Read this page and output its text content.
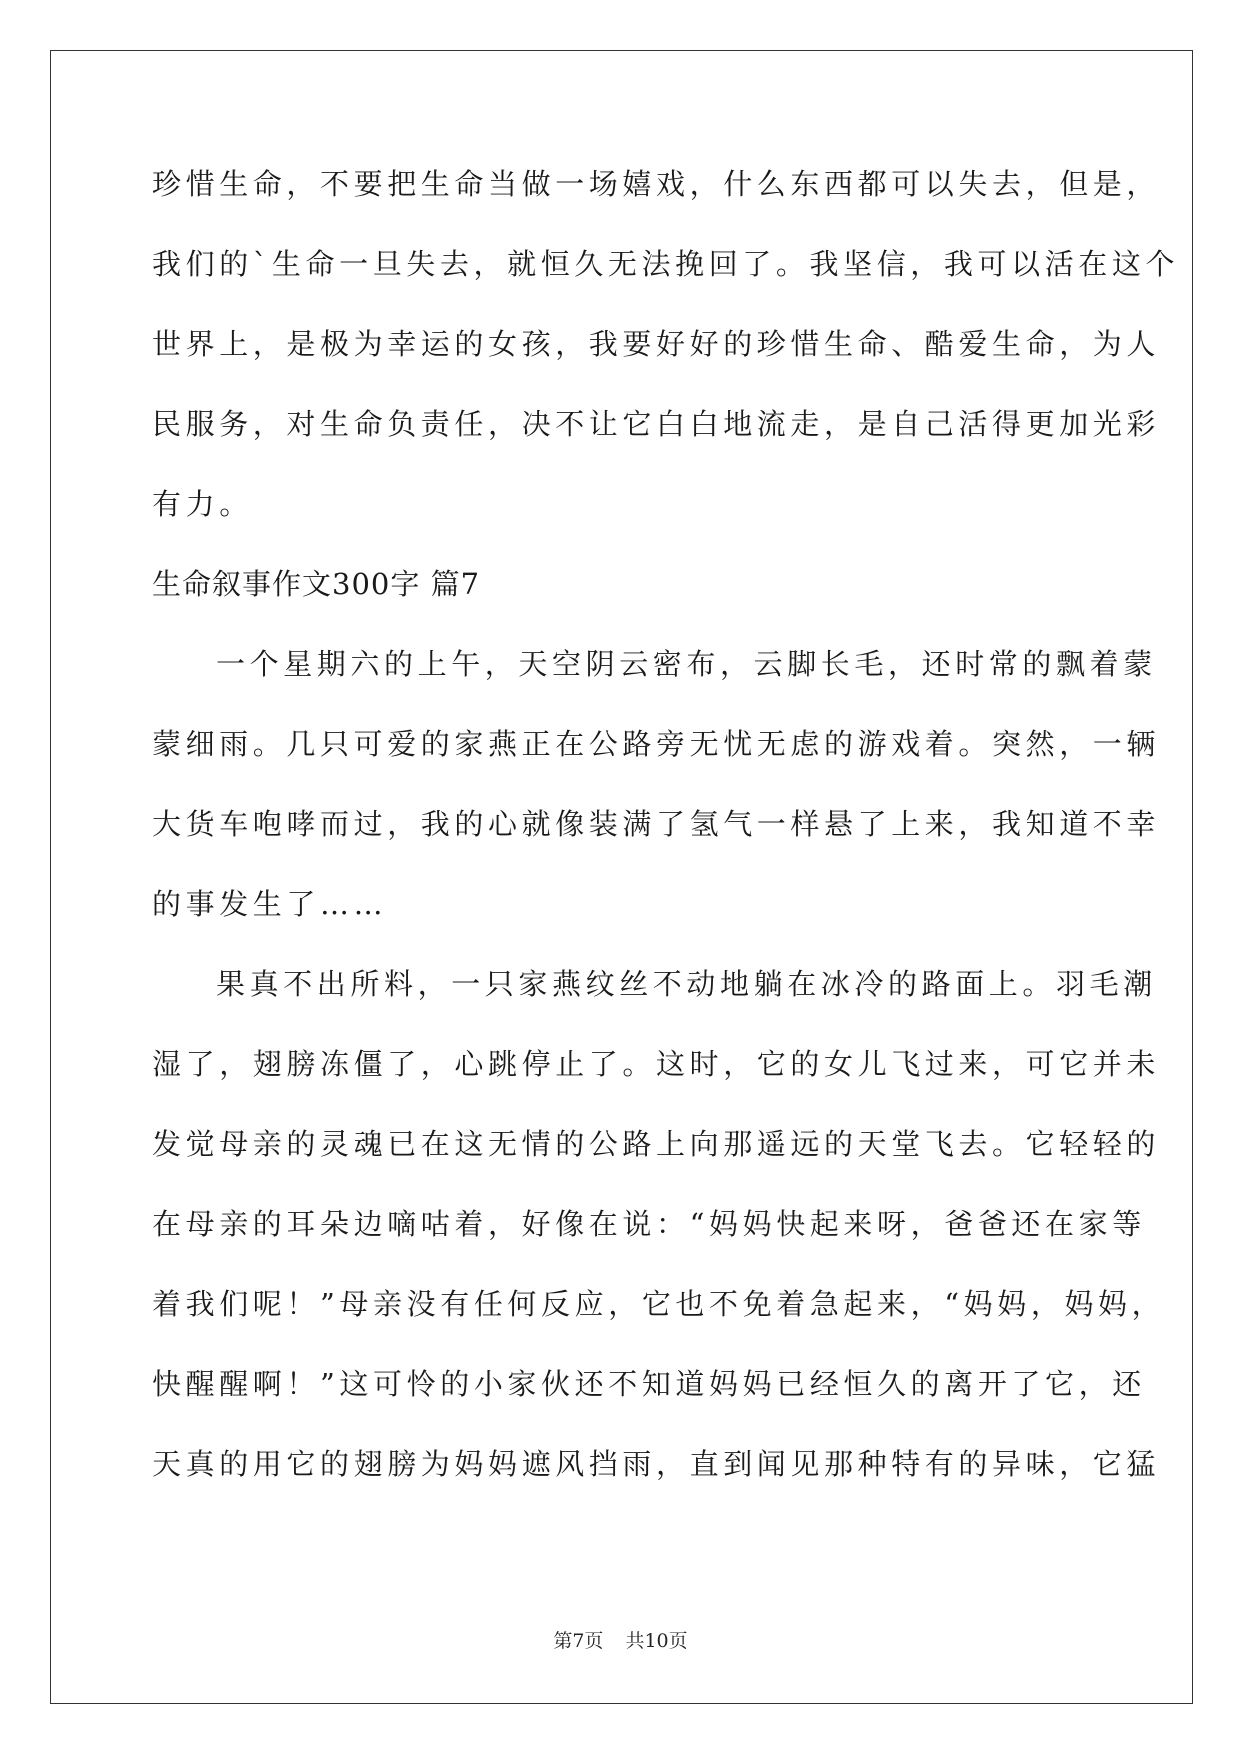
珍惜生命，不要把生命当做一场嬉戏，什么东西都可以失去，但是，
我们的`生命一旦失去，就恒久无法挽回了。我坚信，我可以活在这个
世界上，是极为幸运的女孩，我要好好的珍惜生命、酷爱生命，为人
民服务，对生命负责任，决不让它白白地流走，是自己活得更加光彩
有力。
生命叙事作文300字 篇7
一个星期六的上午，天空阴云密布，云脚长毛，还时常的飘着蒙
蒙细雨。几只可爱的家燕正在公路旁无忧无虑的游戏着。突然，一辆
大货车咆哮而过，我的心就像装满了氢气一样悬了上来，我知道不幸
的事发生了……
果真不出所料，一只家燕纹丝不动地躺在冰冷的路面上。羽毛潮
湿了，翅膀冻僵了，心跳停止了。这时，它的女儿飞过来，可它并未
发觉母亲的灵魂已在这无情的公路上向那遥远的天堂飞去。它轻轻的
在母亲的耳朵边嘀咕着，好像在说：“妈妈快起来呀，爸爸还在家等
着我们呢！”母亲没有任何反应，它也不免着急起来，“妈妈，妈妈，
快醒醒啊！”这可怜的小家伙还不知道妈妈已经恒久的离开了它，还
天真的用它的翅膀为妈妈遮风挡雨，直到闻见那种特有的异味，它猛
第7页 共10页
